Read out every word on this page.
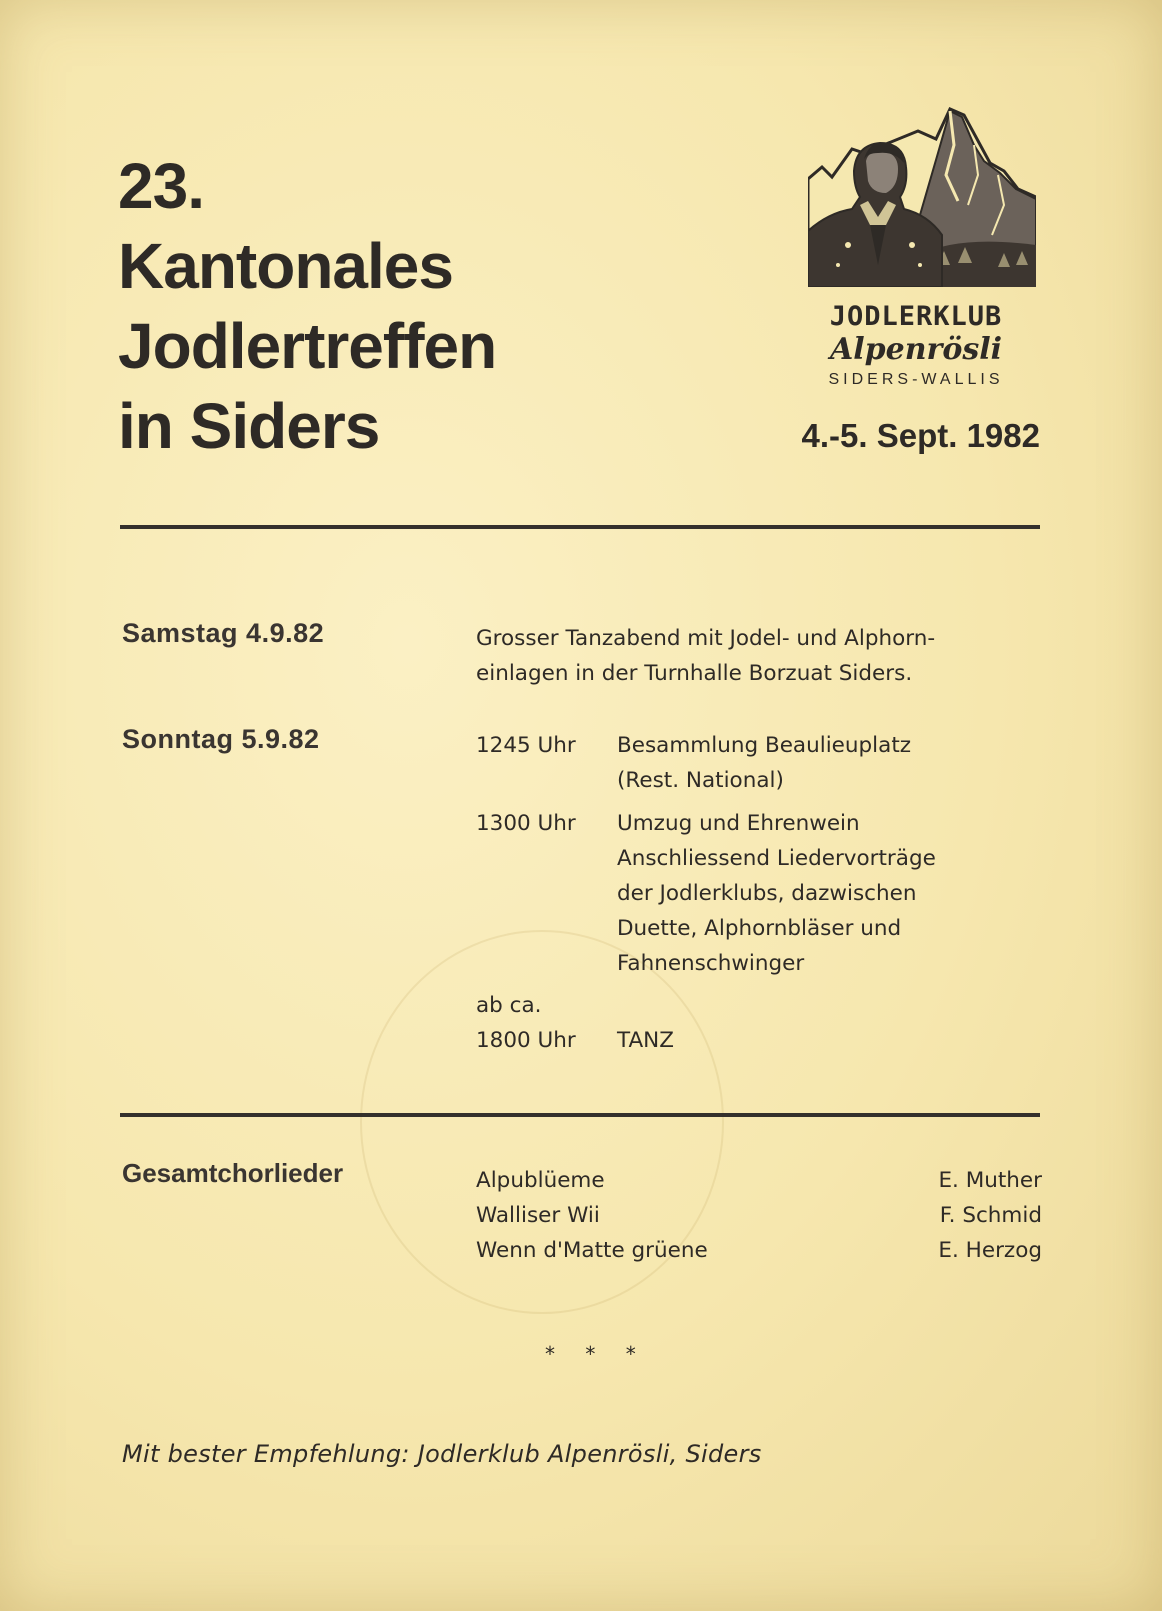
23.
Kantonales
Jodlertreffen
in Siders
JODLERKLUB
Alpenrösli
SIDERS-WALLIS
4.-5. Sept. 1982
Samstag 4.9.82	Grosser Tanzabend mit Jodel- und Alphorn-
einlagen in der Turnhalle Borzuat Siders.
Sonntag 5.9.82	1245 Uhr Besammlung Beaulieuplatz
(Rest. National)
1300 Uhr Umzug und Ehrenwein
Anschliessend Liedervorträge
der Jodlerklubs, dazwischen
Duette, Alphornbläser und
Fahnenschwinger
ab ca.
1800 Uhr TANZ
Gesamtchorlieder	Alpublüeme	E. Muther
Walliser Wii	F. Schmid
Wenn d'Matte grüene	E. Herzog
* * *
Mit bester Empfehlung: Jodlerklub Alpenrösli, Siders
